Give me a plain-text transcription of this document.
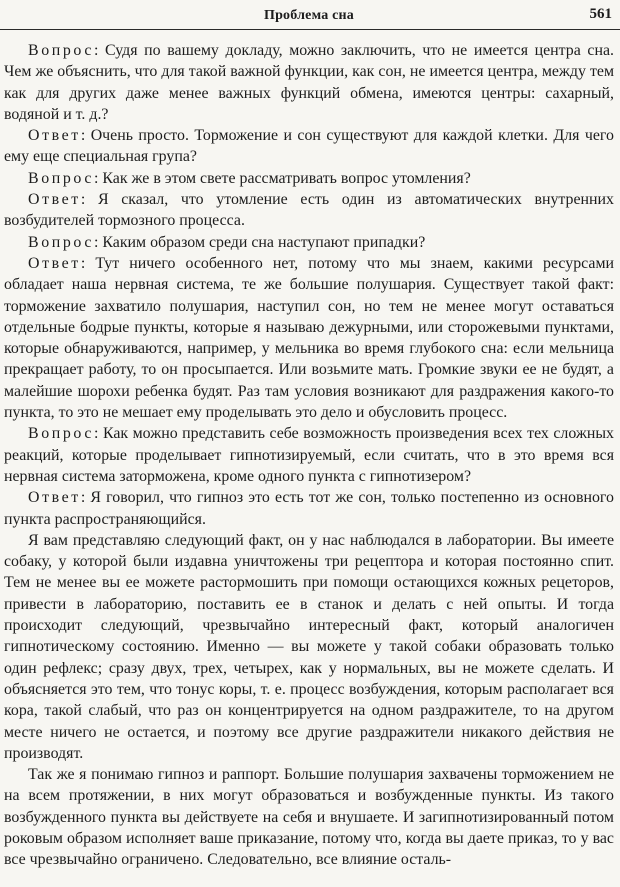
Проблема сна	561

Вопрос: Судя по вашему докладу, можно заключить, что не имеется центра сна. Чем же объяснить, что для такой важной функции, как сон, не имеется центра, между тем как для других даже менее важных функций обмена, имеются центры: сахарный, водяной и т. д.?

Ответ: Очень просто. Торможение и сон существуют для каждой клетки. Для чего ему еще специальная група?

Вопрос: Как же в этом свете рассматривать вопрос утомления?

Ответ: Я сказал, что утомление есть один из автоматических внутренних возбудителей тормозного процесса.

Вопрос: Каким образом среди сна наступают припадки?

Ответ: Тут ничего особенного нет, потому что мы знаем, какими ресурсами обладает наша нервная система, те же большие полушария. Существует такой факт: торможение захватило полушария, наступил сон, но тем не менее могут оставаться отдельные бодрые пункты, которые я называю дежурными, или сторожевыми пунктами, которые обнаруживаются, например, у мельника во время глубокого сна: если мельница прекращает работу, то он просыпается. Или возьмите мать. Громкие звуки ее не будят, а малейшие шорохи ребенка будят. Раз там условия возникают для раздражения какого-то пункта, то это не мешает ему проделывать это дело и обусловить процесс.

Вопрос: Как можно представить себе возможность произведения всех тех сложных реакций, которые проделывает гипнотизируемый, если считать, что в это время вся нервная система заторможена, кроме одного пункта с гипнотизером?

Ответ: Я говорил, что гипноз это есть тот же сон, только постепенно из основного пункта распространяющийся.

Я вам представляю следующий факт, он у нас наблюдался в лаборатории. Вы имеете собаку, у которой были издавна уничтожены три рецептора и которая постоянно спит. Тем не менее вы ее можете растормошить при помощи остающихся кожных рецеторов, привести в лабораторию, поставить ее в станок и делать с ней опыты. И тогда происходит следующий, чрезвычайно интересный факт, который аналогичен гипнотическому состоянию. Именно — вы можете у такой собаки образовать только один рефлекс; сразу двух, трех, четырех, как у нормальных, вы не можете сделать. И объясняется это тем, что тонус коры, т. е. процесс возбуждения, которым располагает вся кора, такой слабый, что раз он концентрируется на одном раздражителе, то на другом месте ничего не остается, и поэтому все другие раздражители никакого действия не производят.

Так же я понимаю гипноз и раппорт. Большие полушария захвачены торможением не на всем протяжении, в них могут образоваться и возбужденные пункты. Из такого возбужденного пункта вы действуете на себя и внушаете. И загипнотизированный потом роковым образом исполняет ваше приказание, потому что, когда вы даете приказ, то у вас все чрезвычайно ограничено. Следовательно, все влияние осталь-
